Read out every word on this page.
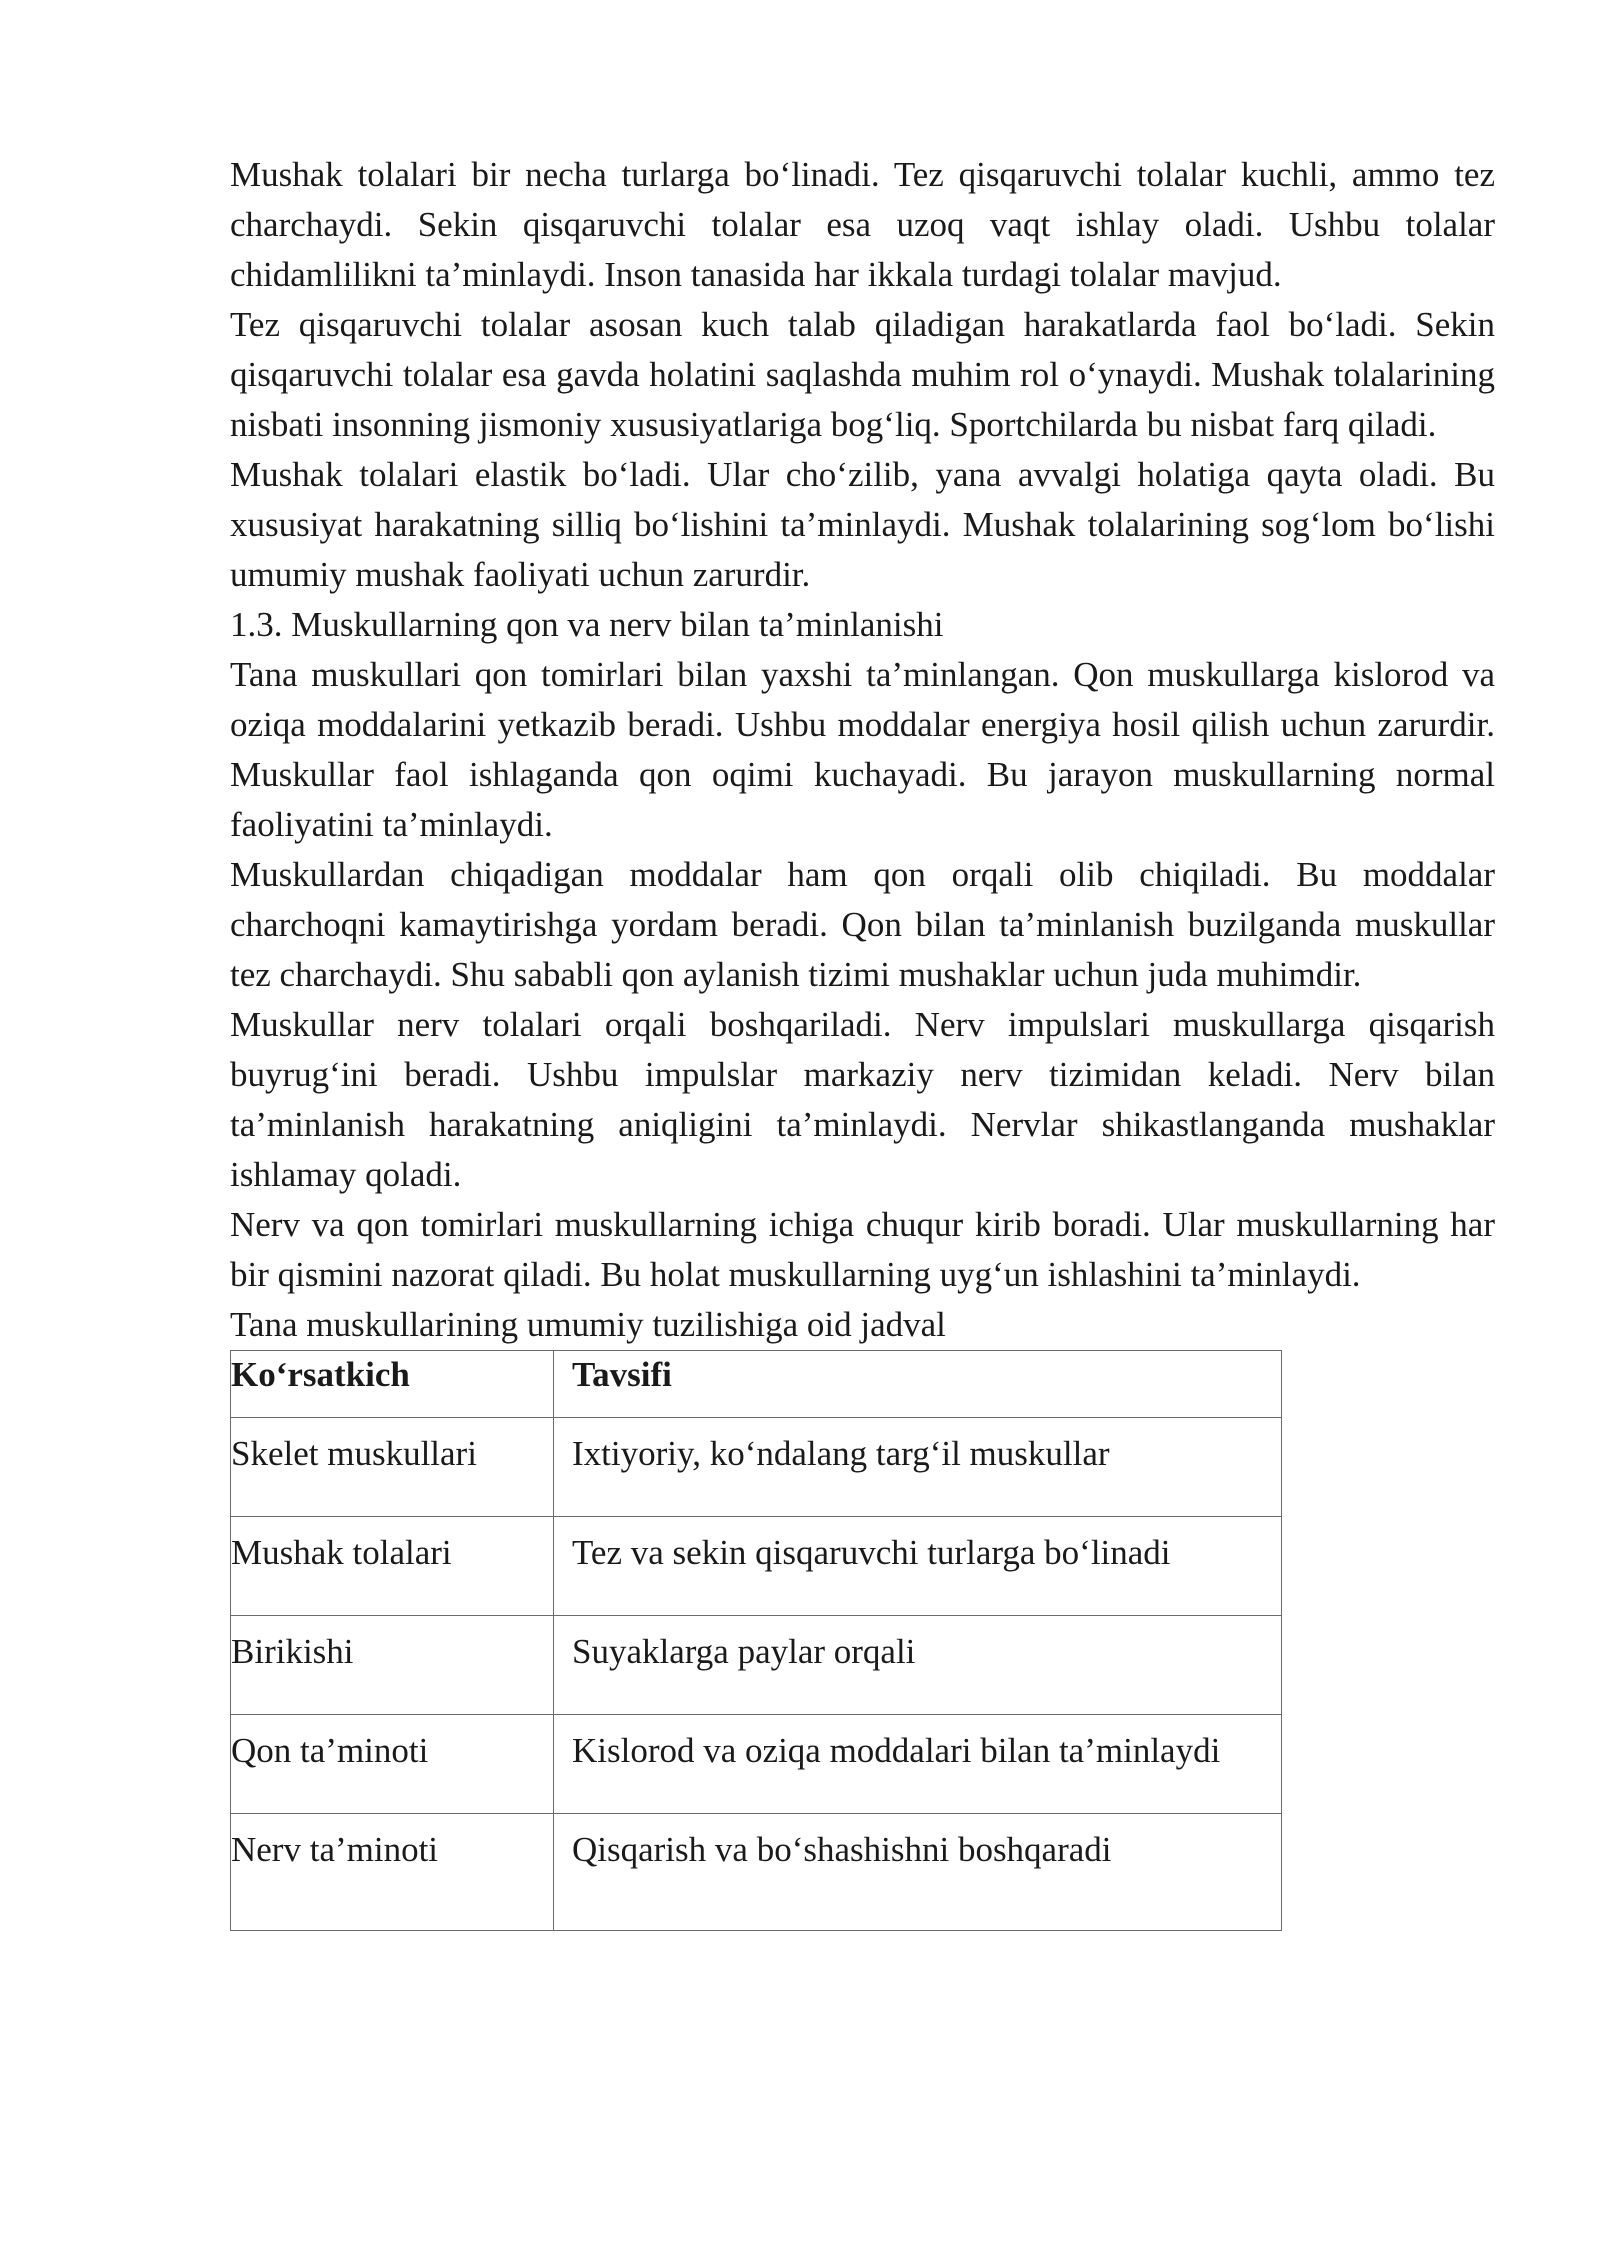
Mushak tolalari bir necha turlarga bo‘linadi. Tez qisqaruvchi tolalar kuchli, ammo tez charchaydi. Sekin qisqaruvchi tolalar esa uzoq vaqt ishlay oladi. Ushbu tolalar chidamlilikni ta’minlaydi. Inson tanasida har ikkala turdagi tolalar mavjud.

Tez qisqaruvchi tolalar asosan kuch talab qiladigan harakatlarda faol bo‘ladi. Sekin qisqaruvchi tolalar esa gavda holatini saqlashda muhim rol o‘ynaydi. Mushak tolalarining nisbati insonning jismoniy xususiyatlariga bog‘liq. Sportchilarda bu nisbat farq qiladi.

Mushak tolalari elastik bo‘ladi. Ular cho‘zilib, yana avvalgi holatiga qayta oladi. Bu xususiyat harakatning silliq bo‘lishini ta’minlaydi. Mushak tolalarining sog‘lom bo‘lishi umumiy mushak faoliyati uchun zarurdir.

1.3. Muskullarning qon va nerv bilan ta’minlanishi

Tana muskullari qon tomirlari bilan yaxshi ta’minlangan. Qon muskullarga kislorod va oziqa moddalarini yetkazib beradi. Ushbu moddalar energiya hosil qilish uchun zarurdir. Muskullar faol ishlaganda qon oqimi kuchayadi. Bu jarayon muskullarning normal faoliyatini ta’minlaydi.

Muskullardan chiqadigan moddalar ham qon orqali olib chiqiladi. Bu moddalar charchoqni kamaytirishga yordam beradi. Qon bilan ta’minlanish buzilganda muskullar tez charchaydi. Shu sababli qon aylanish tizimi mushaklar uchun juda muhimdir.

Muskullar nerv tolalari orqali boshqariladi. Nerv impulslari muskullarga qisqarish buyrug‘ini beradi. Ushbu impulslar markaziy nerv tizimidan keladi. Nerv bilan ta’minlanish harakatning aniqligini ta’minlaydi. Nervlar shikastlanganda mushaklar ishlamay qoladi.

Nerv va qon tomirlari muskullarning ichiga chuqur kirib boradi. Ular muskullarning har bir qismini nazorat qiladi. Bu holat muskullarning uyg‘un ishlashini ta’minlaydi.

Tana muskullarining umumiy tuzilishiga oid jadval

Ko‘rsatkich	Tavsifi
Skelet muskullari	Ixtiyoriy, ko‘ndalang targ‘il muskullar
Mushak tolalari	Tez va sekin qisqaruvchi turlarga bo‘linadi
Birikishi	Suyaklarga paylar orqali
Qon ta’minoti	Kislorod va oziqa moddalari bilan ta’minlaydi
Nerv ta’minoti	Qisqarish va bo‘shashishni boshqaradi
